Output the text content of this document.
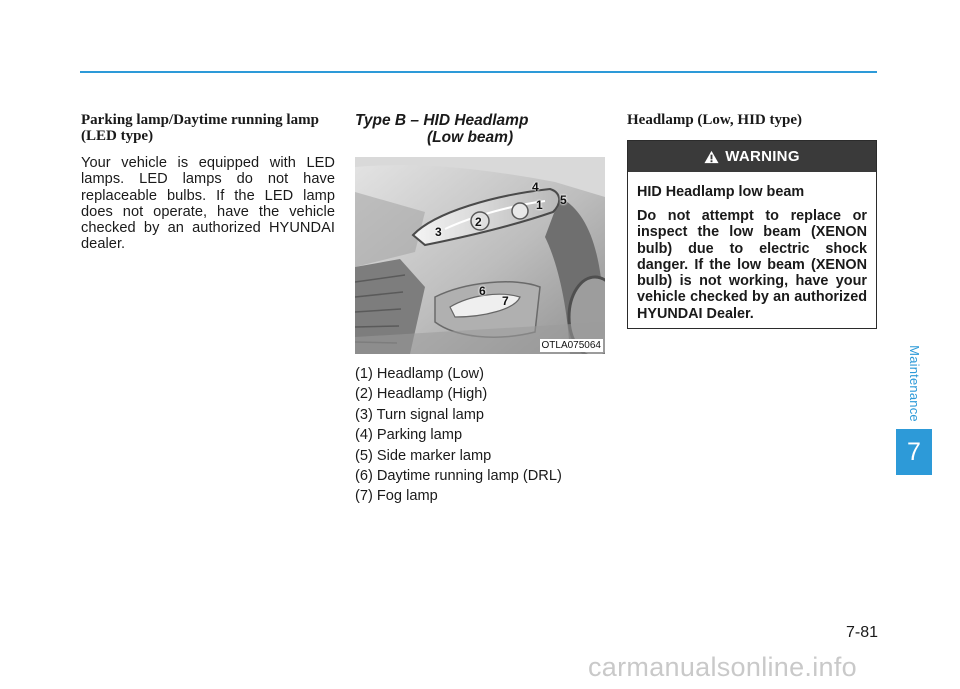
Parking lamp/Daytime running lamp (LED type)

Your vehicle is equipped with LED lamps. LED lamps do not have replaceable bulbs. If the LED lamp does not operate, have the vehicle checked by an authorized HYUNDAI dealer.

Type B – HID Headlamp
(Low beam)
1
2
3
4
5
6
7
OTLA075064
(1) Headlamp (Low)
(2) Headlamp (High)
(3) Turn signal lamp
(4) Parking lamp
(5) Side marker lamp
(6) Daytime running lamp (DRL)
(7) Fog lamp
Headlamp (Low, HID type)
WARNING
HID Headlamp low beam
Do not attempt to replace or inspect the low beam (XENON bulb) due to electric shock danger. If the low beam (XENON bulb) is not working, have your vehicle checked by an authorized HYUNDAI Dealer.
Maintenance
7
7-81
carmanualsonline.info
